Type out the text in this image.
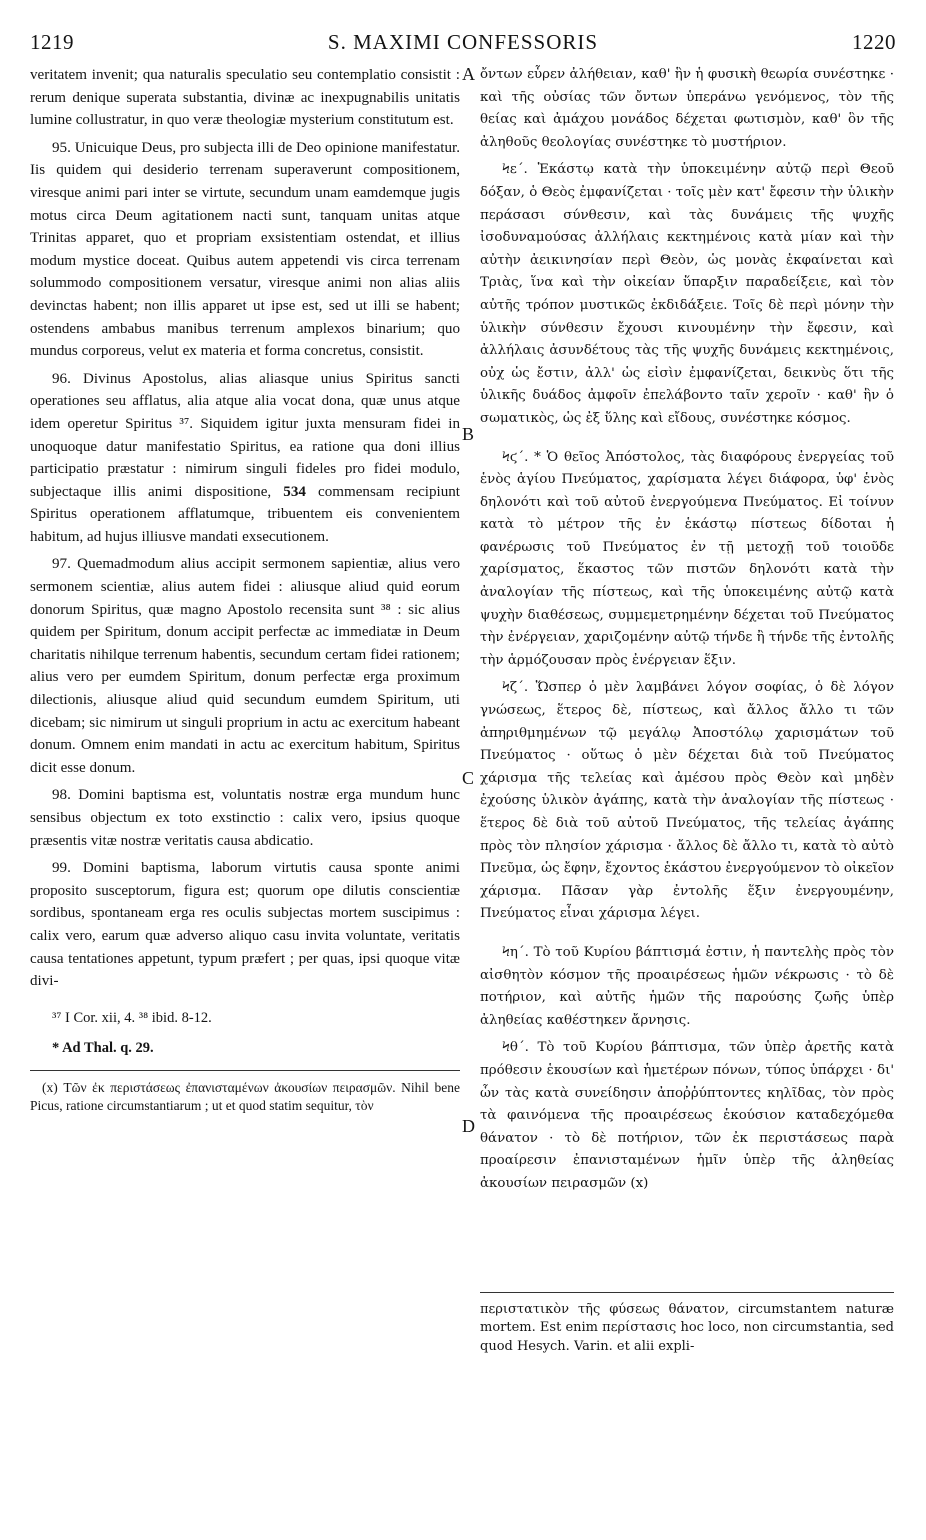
1219	S. MAXIMI CONFESSORIS	1220
A
B
C
D

veritatem invenit; qua naturalis speculatio seu contemplatio consistit : rerum denique superata substantia, divinæ ac inexpugnabilis unitatis lumine collustratur, in quo veræ theologiæ mysterium constitutum est.

95. Unicuique Deus, pro subjecta illi de Deo opinione manifestatur. Iis quidem qui desiderio terrenam superaverunt compositionem, viresque animi pari inter se virtute, secundum unam eamdemque jugis motus circa Deum agitationem nacti sunt, tanquam unitas atque Trinitas apparet, quo et propriam exsistentiam ostendat, et illius modum mystice doceat. Quibus autem appetendi vis circa terrenam solummodo compositionem versatur, viresque animi non alias aliis devinctas habent; non illis apparet ut ipse est, sed ut illi se habent; ostendens ambabus manibus terrenum amplexos binarium; quo mundus corporeus, velut ex materia et forma concretus, consistit.

96. Divinus Apostolus, alias aliasque unius Spiritus sancti operationes seu afflatus, alia atque alia vocat dona, quæ unus atque idem operetur Spiritus ³⁷. Siquidem igitur juxta mensuram fidei in unoquoque datur manifestatio Spiritus, ea ratione qua doni illius participatio præstatur : nimirum singuli fideles pro fidei modulo, subjectaque illis animi dispositione, 534 commensam recipiunt Spiritus operationem afflatumque, tribuentem eis convenientem habitum, ad hujus illiusve mandati exsecutionem.

97. Quemadmodum alius accipit sermonem sapientiæ, alius vero sermonem scientiæ, alius autem fidei : aliusque aliud quid eorum donorum Spiritus, quæ magno Apostolo recensita sunt ³⁸ : sic alius quidem per Spiritum, donum accipit perfectæ ac immediatæ in Deum charitatis nihilque terrenum habentis, secundum certam fidei rationem; alius vero per eumdem Spiritum, donum perfectæ erga proximum dilectionis, aliusque aliud quid secundum eumdem Spiritum, uti dicebam; sic nimirum ut singuli proprium in actu ac exercitum habeant donum. Omnem enim mandati in actu ac exercitum habitum, Spiritus dicit esse donum.

98. Domini baptisma est, voluntatis nostræ erga mundum hunc sensibus objectum ex toto exstinctio : calix vero, ipsius quoque præsentis vitæ nostræ veritatis causa abdicatio.

99. Domini baptisma, laborum virtutis causa sponte animi proposito susceptorum, figura est; quorum ope dilutis conscientiæ sordibus, spontaneam erga res oculis subjectas mortem suscipimus : calix vero, earum quæ adverso aliquo casu invita voluntate, veritatis causa tentationes appetunt, typum præfert ; per quas, ipsi quoque vitæ divi-

³⁷ I Cor. xii, 4. ³⁸ ibid. 8-12.
* Ad Thal. q. 29.

(x) Τῶν ἐκ περιστάσεως ἐπανισταμένων ἀκουσίων πειρασμῶν. Nihil bene Picus, ratione circumstantiarum ; ut et quod statim sequitur, τὸν

ὄντων εὗρεν ἀλήθειαν, καθ' ἣν ἡ φυσικὴ θεωρία συνέστηκε · καὶ τῆς οὐσίας τῶν ὄντων ὑπεράνω γενόμενος, τὸν τῆς θείας καὶ ἀμάχου μονάδος δέχεται φωτισμὸν, καθ' ὃν τῆς ἀληθοῦς θεολογίας συνέστηκε τὸ μυστήριον.

Ϟε΄. Ἑκάστῳ κατὰ τὴν ὑποκειμένην αὐτῷ περὶ Θεοῦ δόξαν, ὁ Θεὸς ἐμφανίζεται · τοῖς μὲν κατ' ἔφεσιν τὴν ὑλικὴν περάσασι σύνθεσιν, καὶ τὰς δυνάμεις τῆς ψυχῆς ἰσοδυναμούσας ἀλλήλαις κεκτημένοις κατὰ μίαν καὶ τὴν αὐτὴν ἀεικινησίαν περὶ Θεὸν, ὡς μονὰς ἐκφαίνεται καὶ Τριὰς, ἵνα καὶ τὴν οἰκείαν ὕπαρξιν παραδείξειε, καὶ τὸν αὐτῆς τρόπον μυστικῶς ἐκδιδάξειε. Τοῖς δὲ περὶ μόνην τὴν ὑλικὴν σύνθεσιν ἔχουσι κινουμένην τὴν ἔφεσιν, καὶ ἀλλήλαις ἀσυνδέτους τὰς τῆς ψυχῆς δυνάμεις κεκτημένοις, οὐχ ὡς ἔστιν, ἀλλ' ὡς εἰσὶν ἐμφανίζεται, δεικνὺς ὅτι τῆς ὑλικῆς δυάδος ἀμφοῖν ἐπελάβοντο ταῖν χεροῖν · καθ' ἣν ὁ σωματικὸς, ὡς ἐξ ὕλης καὶ εἴδους, συνέστηκε κόσμος.

Ϟϛ΄. * Ὁ θεῖος Ἀπόστολος, τὰς διαφόρους ἐνεργείας τοῦ ἑνὸς ἁγίου Πνεύματος, χαρίσματα λέγει διάφορα, ὑφ' ἑνὸς δηλονότι καὶ τοῦ αὐτοῦ ἐνεργούμενα Πνεύματος. Εἰ τοίνυν κατὰ τὸ μέτρον τῆς ἐν ἑκάστῳ πίστεως δίδοται ἡ φανέρωσις τοῦ Πνεύματος ἐν τῇ μετοχῇ τοῦ τοιοῦδε χαρίσματος, ἕκαστος τῶν πιστῶν δηλονότι κατὰ τὴν ἀναλογίαν τῆς πίστεως, καὶ τῆς ὑποκειμένης αὐτῷ κατὰ ψυχὴν διαθέσεως, συμμεμετρημένην δέχεται τοῦ Πνεύματος τὴν ἐνέργειαν, χαριζομένην αὐτῷ τήνδε ἢ τήνδε τῆς ἐντολῆς τὴν ἁρμόζουσαν πρὸς ἐνέργειαν ἕξιν.

Ϟζ΄. Ὥσπερ ὁ μὲν λαμβάνει λόγον σοφίας, ὁ δὲ λόγον γνώσεως, ἕτερος δὲ, πίστεως, καὶ ἄλλος ἄλλο τι τῶν ἀπηριθμημένων τῷ μεγάλῳ Ἀποστόλῳ χαρισμάτων τοῦ Πνεύματος · οὕτως ὁ μὲν δέχεται διὰ τοῦ Πνεύματος χάρισμα τῆς τελείας καὶ ἀμέσου πρὸς Θεὸν καὶ μηδὲν ἐχούσης ὑλικὸν ἀγάπης, κατὰ τὴν ἀναλογίαν τῆς πίστεως · ἕτερος δὲ διὰ τοῦ αὐτοῦ Πνεύματος, τῆς τελείας ἀγάπης πρὸς τὸν πλησίον χάρισμα · ἄλλος δὲ ἄλλο τι, κατὰ τὸ αὐτὸ Πνεῦμα, ὡς ἔφην, ἔχοντος ἑκάστου ἐνεργούμενον τὸ οἰκεῖον χάρισμα. Πᾶσαν γὰρ ἐντολῆς ἕξιν ἐνεργουμένην, Πνεύματος εἶναι χάρισμα λέγει.

Ϟη΄. Τὸ τοῦ Κυρίου βάπτισμά ἐστιν, ἡ παντελὴς πρὸς τὸν αἰσθητὸν κόσμον τῆς προαιρέσεως ἡμῶν νέκρωσις · τὸ δὲ ποτήριον, καὶ αὐτῆς ἡμῶν τῆς παρούσης ζωῆς ὑπὲρ ἀληθείας καθέστηκεν ἄρνησις.

Ϟθ΄. Τὸ τοῦ Κυρίου βάπτισμα, τῶν ὑπὲρ ἀρετῆς κατὰ πρόθεσιν ἑκουσίων καὶ ἡμετέρων πόνων, τύπος ὑπάρχει · δι' ὧν τὰς κατὰ συνείδησιν ἀποῤῥύπτοντες κηλῖδας, τὸν πρὸς τὰ φαινόμενα τῆς προαιρέσεως ἑκούσιον καταδεχόμεθα θάνατον · τὸ δὲ ποτήριον, τῶν ἐκ περιστάσεως παρὰ προαίρεσιν ἐπανισταμένων ἡμῖν ὑπὲρ τῆς ἀληθείας ἀκουσίων πειρασμῶν (x)

περιστατικὸν τῆς φύσεως θάνατον, circumstantem naturæ mortem. Est enim περίστασις hoc loco, non circumstantia, sed quod Hesych. Varin. et alii expli-
